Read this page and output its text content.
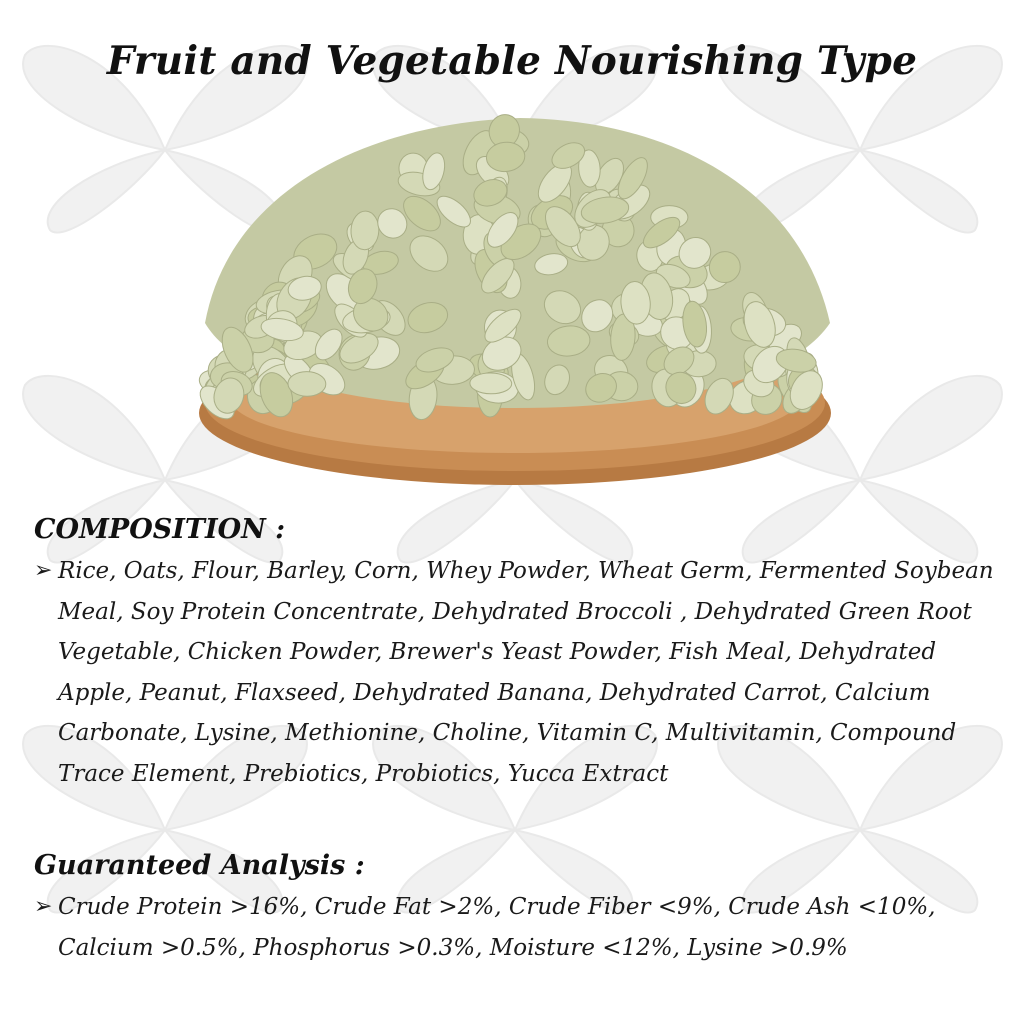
Fruit and Vegetable Nourishing Type
COMPOSITION :
➢ Rice, Oats, Flour, Barley, Corn, Whey Powder, Wheat Germ, Fermented Soybean Meal, Soy Protein Concentrate, Dehydrated Broccoli , Dehydrated Green Root Vegetable, Chicken Powder, Brewer's Yeast Powder, Fish Meal, Dehydrated Apple, Peanut, Flaxseed, Dehydrated Banana, Dehydrated Carrot, Calcium Carbonate, Lysine, Methionine, Choline, Vitamin C, Multivitamin, Compound Trace Element, Prebiotics, Probiotics, Yucca Extract
Guaranteed Analysis :
➢ Crude Protein >16%, Crude Fat >2%, Crude Fiber <9%, Crude Ash <10%, Calcium >0.5%, Phosphorus >0.3%, Moisture <12%, Lysine >0.9%
